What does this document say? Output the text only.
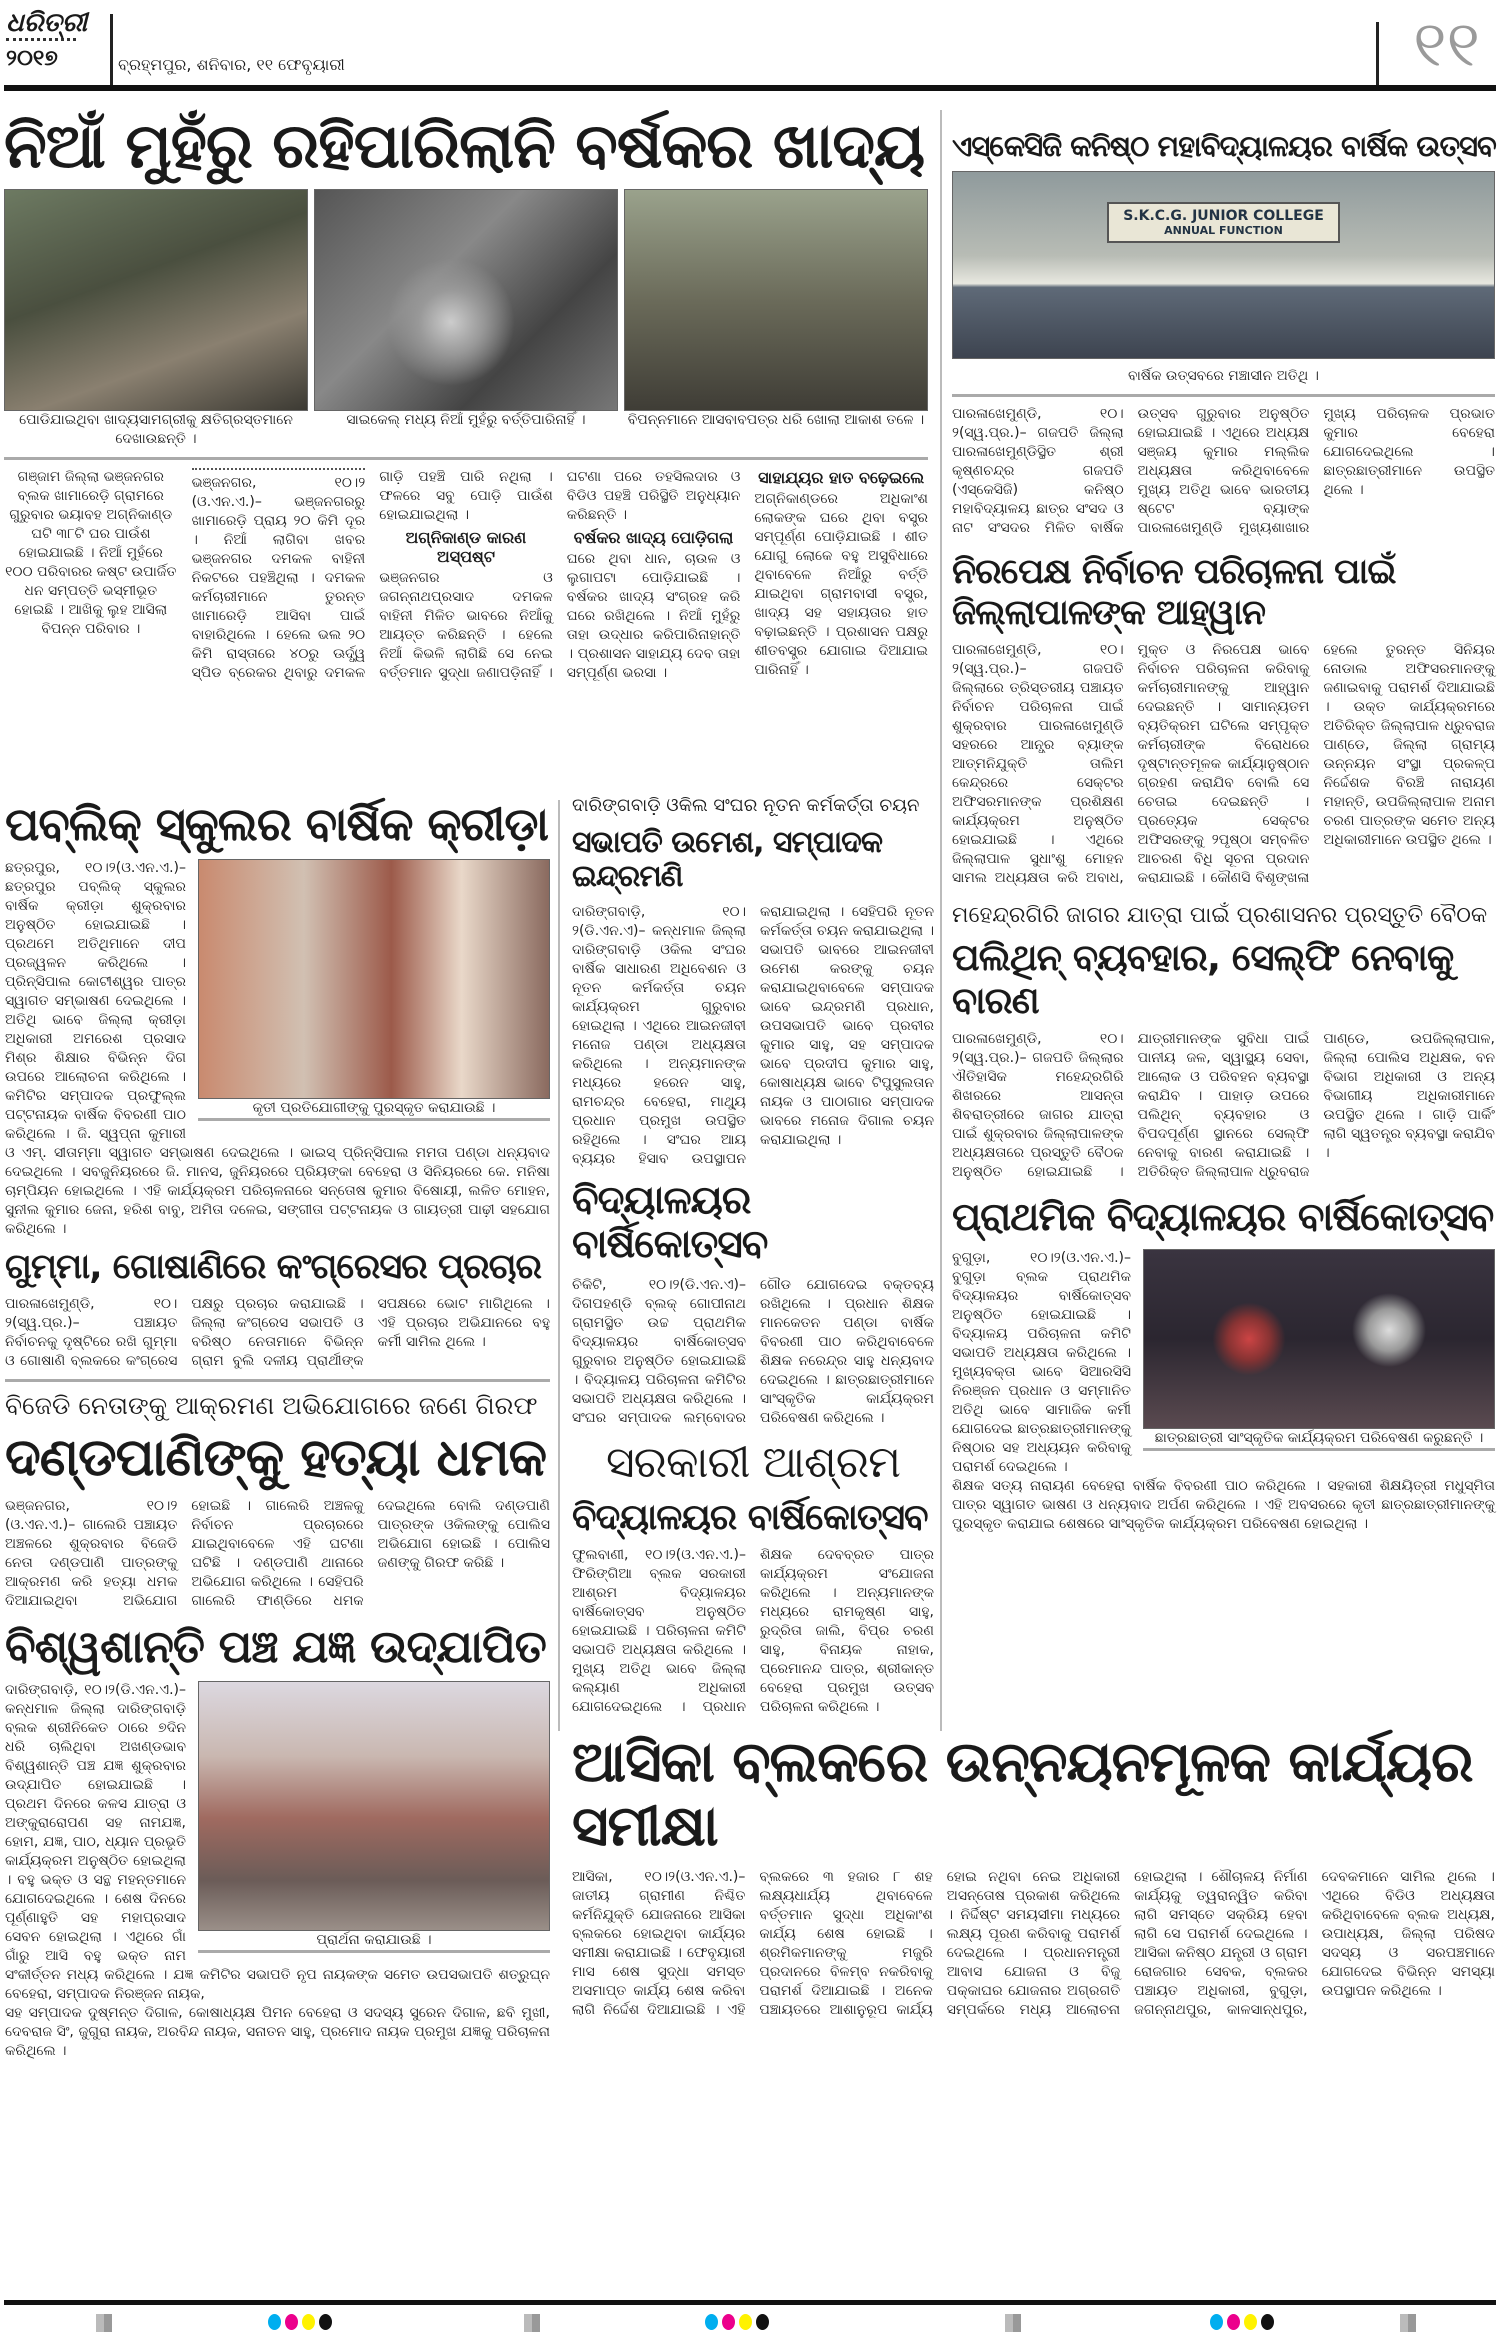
ଧରିତ୍ରୀ
୨୦୧୭	ବ୍ରହ୍ମପୁର, ଶନିବାର, ୧୧ ଫେବୃୟାରୀ	୧୧
ନିଆଁ ମୁହଁରୁ ରହିପାରିଲାନି ବର୍ଷକର ଖାଦ୍ୟ
ପୋଡିଯାଇଥିବା ଖାଦ୍ୟସାମଗ୍ରୀକୁ କ୍ଷତିଗ୍ରସ୍ତମାନେ ଦେଖାଉଛନ୍ତି ।
ସାଇକେଲ୍ ମଧ୍ୟ ନିଆଁ ମୁହଁରୁ ବର୍ତ୍ତିପାରିନାହିଁ ।	ବିପନ୍ନମାନେ ଆସବାବପତ୍ର ଧରି ଖୋଲା ଆକାଶ ତଳେ ।

ଗଞ୍ଜାମ ଜିଲ୍ଲା ଭଞ୍ଜନଗର ବ୍ଲକ ଖାମାରେଡ଼ି ଗ୍ରାମରେ ଗୁରୁବାର ଭୟାବହ ଅଗ୍ନିକାଣ୍ଡ ଘଟି ୩୮ଟି ଘର ପାଉଁଶ ହୋଇଯାଇଛି । ନିଆଁ ମୁହଁରେ ୧୦୦ ପରିବାରର କଷ୍ଟ ଉପାର୍ଜିତ ଧନ ସମ୍ପତ୍ତି ଭସ୍ମୀଭୂତ ହୋଇଛି । ଆଖିକୁ ଲୁହ ଆସିଲା ବିପନ୍ନ ପରିବାର ।

ଭଞ୍ଜନଗର, ୧୦।୨ (ଓ.ଏନ.ଏ.)– ଭଞ୍ଜନଗରରୁ ଖାମାରେଡ଼ି ପ୍ରାୟ ୨୦ କିମି ଦୂର । ନିଆଁ ଲାଗିବା ଖବର ଭଞ୍ଜନଗର ଦମକଳ ବାହିନୀ ନିକଟରେ ପହଞ୍ଚିଥିଲା । ଦମକଳ କର୍ମଚାରୀମାନେ ତୁରନ୍ତ ଖାମାରେଡ଼ି ଆସିବା ପାଇଁ ବାହାରିଥିଲେ । ହେଲେ ଭଲ ୨୦ କିମି ରାସ୍ତାରେ ୪୦ରୁ ଊର୍ଦ୍ଧ୍ୱ ସ୍ପିଡ ବ୍ରେକର ଥିବାରୁ ଦମକଳ ଗାଡ଼ି ପହଞ୍ଚି ପାରି ନଥିଲା । ଫଳରେ ସବୁ ପୋଡ଼ି ପାଉଁଶ ହୋଇଯାଇଥିଲା ।

ଅଗ୍ନିକାଣ୍ଡ କାରଣ ଅସ୍ପଷ୍ଟ

ଭଞ୍ଜନଗର ଓ ଜଗନ୍ନାଥପ୍ରସାଦ ଦମକଳ ବାହିନୀ ମିଳିତ ଭାବରେ ନିଆଁକୁ ଆୟତ୍ତ କରିଛନ୍ତି । ହେଲେ ନିଆଁ କିଭଳି ଲାଗିଛି ସେ ନେଇ ବର୍ତ୍ତମାନ ସୁଦ୍ଧା ଜଣାପଡ଼ିନାହିଁ । ଘଟଣା ପରେ ତହସିଲଦାର ଓ ବିଡିଓ ପହଞ୍ଚି ପରିସ୍ଥିତି ଅନୁଧ୍ୟାନ କରିଛନ୍ତି ।

ବର୍ଷକର ଖାଦ୍ୟ ପୋଡ଼ିଗଲା

ଘରେ ଥିବା ଧାନ, ଚାଉଳ ଓ ଲୁଗାପଟା ପୋଡ଼ିଯାଇଛି । ବର୍ଷକର ଖାଦ୍ୟ ସଂଗ୍ରହ କରି ଘରେ ରଖିଥିଲେ । ନିଆଁ ମୁହଁରୁ ତାହା ଉଦ୍ଧାର କରିପାରିନାହାନ୍ତି । ପ୍ରଶାସନ ସାହାଯ୍ୟ ଦେବ ତାହା ସମ୍ପୂର୍ଣ୍ଣ ଭରସା ।

ସାହାଯ୍ୟର ହାତ ବଢ଼େଇଲେ

ଅଗ୍ନିକାଣ୍ଡରେ ଅଧିକାଂଶ ଲୋକଙ୍କ ଘରେ ଥିବା ବସ୍ତ୍ର ସମ୍ପୂର୍ଣ୍ଣ ପୋଡ଼ିଯାଇଛି । ଶୀତ ଯୋଗୁ ଲୋକେ ବହୁ ଅସୁବିଧାରେ ଥିବାବେଳେ ନିଆଁରୁ ବର୍ତ୍ତି ଯାଇଥିବା ଗ୍ରାମବାସୀ ବସ୍ତ୍ର, ଖାଦ୍ୟ ସହ ସହାୟତାର ହାତ ବଢ଼ାଇଛନ୍ତି । ପ୍ରଶାସନ ପକ୍ଷରୁ ଶୀତବସ୍ତ୍ର ଯୋଗାଇ ଦିଆଯାଇ ପାରିନାହିଁ ।

ଏସ୍‌କେସିଜି କନିଷ୍ଠ ମହାବିଦ୍ୟାଳୟର ବାର୍ଷିକ ଉତ୍ସବ
S.K.C.G. JUNIOR COLLEGE
ANNUAL FUNCTION
ବାର୍ଷିକ ଉତ୍ସବରେ ମଞ୍ଚାସୀନ ଅତିଥି ।

ପାରଳାଖେମୁଣ୍ଡି, ୧୦।୨(ସ୍ୱ.ପ୍ର.)– ଗଜପତି ଜିଲ୍ଲା ପାରଳାଖେମୁଣ୍ଡିସ୍ଥିତ ଶ୍ରୀ କୃଷ୍ଣଚନ୍ଦ୍ର ଗଜପତି (ଏସ୍‌କେସିଜି) କନିଷ୍ଠ ମହାବିଦ୍ୟାଳୟ ଛାତ୍ର ସଂସଦ ଓ ନାଟ ସଂସଦର ମିଳିତ ବାର୍ଷିକ ଉତ୍ସବ ଗୁରୁବାର ଅନୁଷ୍ଠିତ ହୋଇଯାଇଛି । ଏଥିରେ ଅଧ୍ୟକ୍ଷ ସଞ୍ଜୟ କୁମାର ମଲ୍ଲିକ ଅଧ୍ୟକ୍ଷତା କରିଥିବାବେଳେ ମୁଖ୍ୟ ଅତିଥି ଭାବେ ଭାରତୀୟ ଷ୍ଟେଟ ବ୍ୟାଙ୍କ ପାରଳାଖେମୁଣ୍ଡି ମୁଖ୍ୟଶାଖାର ମୁଖ୍ୟ ପରିଚାଳକ ପ୍ରଭାତ କୁମାର ବେହେରା ଯୋଗଦେଇଥିଲେ । ଛାତ୍ରଛାତ୍ରୀମାନେ ଉପସ୍ଥିତ ଥିଲେ ।

ନିରପେକ୍ଷ ନିର୍ବାଚନ ପରିଚାଳନା ପାଇଁ ଜିଲ୍ଲାପାଳଙ୍କ ଆହ୍ୱାନ

ପାରଳାଖେମୁଣ୍ଡି, ୧୦।୨(ସ୍ୱ.ପ୍ର.)– ଗଜପତି ଜିଲ୍ଲାରେ ତ୍ରିସ୍ତରୀୟ ପଞ୍ଚାୟତ ନିର୍ବାଚନ ପରିଚାଳନା ପାଇଁ ଶୁକ୍ରବାର ପାରଳାଖେମୁଣ୍ଡି ସହରରେ ଆନ୍ଧ୍ର ବ୍ୟାଙ୍କ ଆତ୍ମନିଯୁକ୍ତି ତାଲିମ କେନ୍ଦ୍ରରେ ସେକ୍ଟର ଅଫିସରମାନଙ୍କ ପ୍ରଶିକ୍ଷଣ କାର୍ଯ୍ୟକ୍ରମ ଅନୁଷ୍ଠିତ ହୋଇଯାଇଛି । ଏଥିରେ ଜିଲ୍ଲାପାଳ ସୁଧାଂଶୁ ମୋହନ ସାମଲ ଅଧ୍ୟକ୍ଷତା କରି ଅବାଧ, ମୁକ୍ତ ଓ ନିରପେକ୍ଷ ଭାବେ ନିର୍ବାଚନ ପରିଚାଳନା କରିବାକୁ କର୍ମଚାରୀମାନଙ୍କୁ ଆହ୍ୱାନ ଦେଇଛନ୍ତି । ସାମାନ୍ୟତମ ବ୍ୟତିକ୍ରମ ଘଟିଲେ ସମ୍ପୃକ୍ତ କର୍ମଚାରୀଙ୍କ ବିରୋଧରେ ଦୃଷ୍ଟାନ୍ତମୂଳକ କାର୍ଯ୍ୟାନୁଷ୍ଠାନ ଗ୍ରହଣ କରାଯିବ ବୋଲି ସେ ଚେତାଇ ଦେଇଛନ୍ତି । ପ୍ରତ୍ୟେକ ସେକ୍ଟର ଅଫିସରଙ୍କୁ ୨ପୃଷ୍ଠା ସମ୍ବଳିତ ଆଚରଣ ବିଧି ସୂଚନା ପ୍ରଦାନ କରାଯାଇଛି । କୌଣସି ବିଶୃଙ୍ଖଳା ହେଲେ ତୁରନ୍ତ ସିନିୟର ନୋଡାଲ ଅଫିସରମାନଙ୍କୁ ଜଣାଇବାକୁ ପରାମର୍ଶ ଦିଆଯାଇଛି । ଉକ୍ତ କାର୍ଯ୍ୟକ୍ରମରେ ଅତିରିକ୍ତ ଜିଲ୍ଲାପାଳ ଧ୍ରୁବରାଜ ପାଣ୍ଡେ, ଜିଲ୍ଲା ଗ୍ରାମ୍ୟ ଉନ୍ନୟନ ସଂସ୍ଥା ପ୍ରକଳ୍ପ ନିର୍ଦ୍ଦେଶକ ବିରଞ୍ଚି ନାରାୟଣ ମହାନ୍ତି, ଉପଜିଲ୍ଲାପାଳ ଅନାମ ଚରଣ ପାତ୍ରଙ୍କ ସମେତ ଅନ୍ୟ ଅଧିକାରୀମାନେ ଉପସ୍ଥିତ ଥିଲେ ।

ମହେନ୍ଦ୍ରଗିରି ଜାଗର ଯାତ୍ରା ପାଇଁ ପ୍ରଶାସନର ପ୍ରସ୍ତୁତି ବୈଠକ
ପଲିଥିନ୍ ବ୍ୟବହାର, ସେଲ୍‌ଫି ନେବାକୁ ବାରଣ

ପାରଳାଖେମୁଣ୍ଡି, ୧୦।୨(ସ୍ୱ.ପ୍ର.)– ଗଜପତି ଜିଲ୍ଲାର ଐତିହାସିକ ମହେନ୍ଦ୍ରଗିରି ଶିଖରରେ ଆସନ୍ତା ଶିବରାତ୍ରୀରେ ଜାଗର ଯାତ୍ରା ପାଇଁ ଶୁକ୍ରବାର ଜିଲ୍ଲାପାଳଙ୍କ ଅଧ୍ୟକ୍ଷତାରେ ପ୍ରସ୍ତୁତି ବୈଠକ ଅନୁଷ୍ଠିତ ହୋଇଯାଇଛି । ଯାତ୍ରୀମାନଙ୍କ ସୁବିଧା ପାଇଁ ପାନୀୟ ଜଳ, ସ୍ୱାସ୍ଥ୍ୟ ସେବା, ଆଲୋକ ଓ ପରିବହନ ବ୍ୟବସ୍ଥା କରାଯିବ । ପାହାଡ଼ ଉପରେ ପଲିଥିନ୍ ବ୍ୟବହାର ଓ ବିପଦପୂର୍ଣ୍ଣ ସ୍ଥାନରେ ସେଲ୍‌ଫି ନେବାକୁ ବାରଣ କରାଯାଇଛି । ଅତିରିକ୍ତ ଜିଲ୍ଲାପାଳ ଧ୍ରୁବରାଜ ପାଣ୍ଡେ, ଉପଜିଲ୍ଲାପାଳ, ଜିଲ୍ଲା ପୋଲିସ ଅଧିକ୍ଷକ, ବନ ବିଭାଗ ଅଧିକାରୀ ଓ ଅନ୍ୟ ବିଭାଗୀୟ ଅଧିକାରୀମାନେ ଉପସ୍ଥିତ ଥିଲେ । ଗାଡ଼ି ପାର୍କିଂ ଲାଗି ସ୍ୱତନ୍ତ୍ର ବ୍ୟବସ୍ଥା କରାଯିବ ।

ପ୍ରାଥମିକ ବିଦ୍ୟାଳୟର ବାର୍ଷିକୋତ୍ସବ
ଛାତ୍ରଛାତ୍ରୀ ସାଂସ୍କୃତିକ କାର୍ଯ୍ୟକ୍ରମ ପରିବେଷଣ କରୁଛନ୍ତି ।

ବୁଗୁଡ଼ା, ୧୦।୨(ଓ.ଏନ.ଏ.)– ବୁଗୁଡ଼ା ବ୍ଲକ ପ୍ରାଥମିକ ବିଦ୍ୟାଳୟର ବାର୍ଷିକୋତ୍ସବ ଅନୁଷ୍ଠିତ ହୋଇଯାଇଛି । ବିଦ୍ୟାଳୟ ପରିଚାଳନା କମିଟି ସଭାପତି ଅଧ୍ୟକ୍ଷତା କରିଥିଲେ । ମୁଖ୍ୟବକ୍ତା ଭାବେ ସିଆରସିସି ନିରଞ୍ଜନ ପ୍ରଧାନ ଓ ସମ୍ମାନିତ ଅତିଥି ଭାବେ ସାମାଜିକ କର୍ମୀ ଯୋଗଦେଇ ଛାତ୍ରଛାତ୍ରୀମାନଙ୍କୁ ନିଷ୍ଠାର ସହ ଅଧ୍ୟୟନ କରିବାକୁ ପରାମର୍ଶ ଦେଇଥିଲେ ।

ଶିକ୍ଷକ ସତ୍ୟ ନାରାୟଣ ବେହେରା ବାର୍ଷିକ ବିବରଣୀ ପାଠ କରିଥିଲେ । ସହକାରୀ ଶିକ୍ଷୟିତ୍ରୀ ମଧୁସ୍ମିତା ପାତ୍ର ସ୍ୱାଗତ ଭାଷଣ ଓ ଧନ୍ୟବାଦ ଅର୍ପଣ କରିଥିଲେ । ଏହି ଅବସରରେ କୃତୀ ଛାତ୍ରଛାତ୍ରୀମାନଙ୍କୁ ପୁରସ୍କୃତ କରାଯାଇ ଶେଷରେ ସାଂସ୍କୃତିକ କାର୍ଯ୍ୟକ୍ରମ ପରିବେଷଣ ହୋଇଥିଲା ।

ପବ୍ଲିକ୍ ସ୍କୁଲର ବାର୍ଷିକ କ୍ରୀଡ଼ା
କୃତୀ ପ୍ରତିଯୋଗୀଙ୍କୁ ପୁରସ୍କୃତ କରାଯାଉଛି ।

ଛତ୍ରପୁର, ୧୦।୨(ଓ.ଏନ.ଏ.)– ଛତ୍ରପୁର ପବ୍ଲିକ୍ ସ୍କୁଲର ବାର୍ଷିକ କ୍ରୀଡ଼ା ଶୁକ୍ରବାର ଅନୁଷ୍ଠିତ ହୋଇଯାଇଛି । ପ୍ରଥମେ ଅତିଥିମାନେ ଦୀପ ପ୍ରଜ୍ୱଳନ କରିଥିଲେ । ପ୍ରିନ୍ସିପାଲ କୋଟୀଶ୍ୱର ପାତ୍ର ସ୍ୱାଗତ ସମ୍ଭାଷଣ ଦେଇଥିଲେ । ଅତିଥି ଭାବେ ଜିଲ୍ଲା କ୍ରୀଡ଼ା ଅଧିକାରୀ ଅମରେଶ ପ୍ରସାଦ ମିଶ୍ର ଶିକ୍ଷାର ବିଭିନ୍ନ ଦିଗ ଉପରେ ଆଲୋଚନା କରିଥିଲେ । କମିଟିର ସମ୍ପାଦକ ପ୍ରଫୁଲ୍ଲ ପଟ୍ଟନାୟକ ବାର୍ଷିକ ବିବରଣୀ ପାଠ କରିଥିଲେ । ଜି. ସ୍ୱପ୍ନା କୁମାରୀ ଓ ଏମ୍. ସୀତାମ୍ମା ସ୍ୱାଗତ ସମ୍ଭାଷଣ ଦେଇଥିଲେ । ଭାଇସ୍ ପ୍ରିନ୍ସିପାଲ ମମତା ପଣ୍ଡା ଧନ୍ୟବାଦ ଦେଇଥିଲେ । ସବଜୁନିୟରରେ ଜି. ମାନସ, ଜୁନିୟରରେ ପ୍ରିୟଙ୍କା ବେହେରା ଓ ସିନିୟରରେ କେ. ମନିଷା ଚାମ୍ପିୟନ ହୋଇଥିଲେ । ଏହି କାର୍ଯ୍ୟକ୍ରମ ପରିଚାଳନାରେ ସନ୍ତୋଷ କୁମାର ବିଷୋୟୀ, ଲଳିତ ମୋହନ, ସୁନୀଲ କୁମାର ଜେନା, ହରିଶ ବାବୁ, ଅମିତା ଦଳେଇ, ସଙ୍ଗୀତା ପଟ୍ଟନାୟକ ଓ ଗାୟତ୍ରୀ ପାଢ଼ୀ ସହଯୋଗ କରିଥିଲେ ।

ଗୁମ୍ମା, ଗୋଷାଣିରେ କଂଗ୍ରେସର ପ୍ରଚାର

ପାରଳାଖେମୁଣ୍ଡି, ୧୦।୨(ସ୍ୱ.ପ୍ର.)– ପଞ୍ଚାୟତ ନିର୍ବାଚନକୁ ଦୃଷ୍ଟିରେ ରଖି ଗୁମ୍ମା ଓ ଗୋଷାଣି ବ୍ଲକରେ କଂଗ୍ରେସ ପକ୍ଷରୁ ପ୍ରଚାର କରାଯାଇଛି । ଜିଲ୍ଲା କଂଗ୍ରେସ ସଭାପତି ଓ ବରିଷ୍ଠ ନେତାମାନେ ବିଭିନ୍ନ ଗ୍ରାମ ବୁଲି ଦଳୀୟ ପ୍ରାର୍ଥୀଙ୍କ ସପକ୍ଷରେ ଭୋଟ ମାଗିଥିଲେ । ଏହି ପ୍ରଚାର ଅଭିଯାନରେ ବହୁ କର୍ମୀ ସାମିଲ ଥିଲେ ।

ବିଜେଡି ନେତାଙ୍କୁ ଆକ୍ରମଣ ଅଭିଯୋଗରେ ଜଣେ ଗିରଫ
ଦଣ୍ଡପାଣିଙ୍କୁ ହତ୍ୟା ଧମକ

ଭଞ୍ଜନଗର, ୧୦।୨ (ଓ.ଏନ.ଏ.)– ଗାଲେରି ପଞ୍ଚାୟତ ଅଞ୍ଚଳରେ ଶୁକ୍ରବାର ବିଜେଡି ନେତା ଦଣ୍ଡପାଣି ପାତ୍ରଙ୍କୁ ଆକ୍ରମଣ କରି ହତ୍ୟା ଧମକ ଦିଆଯାଇଥିବା ଅଭିଯୋଗ ହୋଇଛି । ଗାଲେରି ଅଞ୍ଚଳକୁ ନିର୍ବାଚନ ପ୍ରଚାରରେ ଯାଇଥିବାବେଳେ ଏହି ଘଟଣା ଘଟିଛି । ଦଣ୍ଡପାଣି ଥାନାରେ ଅଭିଯୋଗ କରିଥିଲେ । ସେହିପରି ଗାଲେରି ଫାଣ୍ଡିରେ ଧମକ ଦେଇଥିଲେ ବୋଲି ଦଣ୍ଡପାଣି ପାତ୍ରଙ୍କ ଓକିଲଙ୍କୁ ପୋଲିସ ଅଭିଯୋଗ ହୋଇଛି । ପୋଲିସ ଜଣଙ୍କୁ ଗିରଫ କରିଛି ।

ବିଶ୍ୱଶାନ୍ତି ପଞ୍ଚ ଯଜ୍ଞ ଉଦ୍‌ଯାପିତ
ପ୍ରାର୍ଥନା କରାଯାଉଛି ।

ଦାରିଙ୍ଗବାଡ଼ି, ୧୦।୨(ଡି.ଏନ.ଏ.)– କନ୍ଧମାଳ ଜିଲ୍ଲା ଦାରିଙ୍ଗବାଡ଼ି ବ୍ଲକ ଶ୍ରୀନିକେତ ଠାରେ ୭ଦିନ ଧରି ଚାଲିଥିବା ଅଖଣ୍ଡଭାବ ବିଶ୍ୱଶାନ୍ତି ପଞ୍ଚ ଯଜ୍ଞ ଶୁକ୍ରବାର ଉଦ୍‌ଯାପିତ ହୋଇଯାଇଛି । ପ୍ରଥମ ଦିନରେ କଳସ ଯାତ୍ରା ଓ ଅଙ୍କୁରାରୋପଣ ସହ ନାମଯଜ୍ଞ, ହୋମ, ଯଜ୍ଞ, ପାଠ, ଧ୍ୟାନ ପ୍ରଭୃତି କାର୍ଯ୍ୟକ୍ରମ ଅନୁଷ୍ଠିତ ହୋଇଥିଲା । ବହୁ ଭକ୍ତ ଓ ସନ୍ଥ ମହନ୍ତମାନେ ଯୋଗଦେଇଥିଲେ । ଶେଷ ଦିନରେ ପୂର୍ଣ୍ଣାହୁତି ସହ ମହାପ୍ରସାଦ ସେବନ ହୋଇଥିଲା । ଏଥିରେ ଗାଁ ଗାଁରୁ ଆସି ବହୁ ଭକ୍ତ ନାମ ସଂକୀର୍ତ୍ତନ ମଧ୍ୟ କରିଥିଲେ । ଯଜ୍ଞ କମିଟିର ସଭାପତି ନୃପ ନାୟକଙ୍କ ସମେତ ଉପସଭାପତି ଶତ୍ରୁଘ୍ନ ବେହେରା, ସମ୍ପାଦକ ନିରଞ୍ଜନ ନାୟକ,

ସହ ସମ୍ପାଦକ ଦୁଷ୍ମନ୍ତ ଦିଗାଳ, କୋଷାଧ୍ୟକ୍ଷ ପିମନ ବେହେରା ଓ ସଦସ୍ୟ ସୁରେନ ଦିଗାଳ, ଛବି ମୁଖୀ, ଦେବରାଜ ସିଂ, ଜୁଗୁରା ନାୟକ, ଅରବିନ୍ଦ ନାୟକ, ସନାତନ ସାହୁ, ପ୍ରମୋଦ ନାୟକ ପ୍ରମୁଖ ଯଜ୍ଞକୁ ପରିଚାଳନା କରିଥିଲେ ।

ଦାରିଙ୍ଗବାଡ଼ି ଓକିଲ ସଂଘର ନୂତନ କର୍ମକର୍ତ୍ତା ଚୟନ
ସଭାପତି ଉମେଶ, ସମ୍ପାଦକ ଇନ୍ଦ୍ରମଣି

ଦାରିଙ୍ଗବାଡ଼ି, ୧୦।୨(ଡି.ଏନ.ଏ)– କନ୍ଧମାଳ ଜିଲ୍ଲା ଦାରିଙ୍ଗବାଡ଼ି ଓକିଲ ସଂଘର ବାର୍ଷିକ ସାଧାରଣ ଅଧିବେଶନ ଓ ନୂତନ କର୍ମକର୍ତ୍ତା ଚୟନ କାର୍ଯ୍ୟକ୍ରମ ଗୁରୁବାର ହୋଇଥିଲା । ଏଥିରେ ଆଇନଜୀବୀ ମନୋଜ ପଣ୍ଡା ଅଧ୍ୟକ୍ଷତା କରିଥିଲେ । ଅନ୍ୟମାନଙ୍କ ମଧ୍ୟରେ ହରେନ ସାହୁ, ରାମଚନ୍ଦ୍ର ବେହେରା, ମାଥ୍ୟୁ ପ୍ରଧାନ ପ୍ରମୁଖ ଉପସ୍ଥିତ ରହିଥିଲେ । ସଂଘର ଆୟ ବ୍ୟୟର ହିସାବ ଉପସ୍ଥାପନ କରାଯାଇଥିଲା । ସେହିପରି ନୂତନ କର୍ମକର୍ତ୍ତା ଚୟନ କରାଯାଇଥିଲା । ସଭାପତି ଭାବରେ ଆଇନଜୀବୀ ଉମେଶ କରଙ୍କୁ ଚୟନ କରାଯାଇଥିବାବେଳେ ସମ୍ପାଦକ ଭାବେ ଇନ୍ଦ୍ରମଣି ପ୍ରଧାନ, ଉପସଭାପତି ଭାବେ ପ୍ରବୀର କୁମାର ସାହୁ, ସହ ସମ୍ପାଦକ ଭାବେ ପ୍ରଦୀପ କୁମାର ସାହୁ, କୋଷାଧ୍ୟକ୍ଷ ଭାବେ ଟିପୁସୁଲତାନ ନାୟକ ଓ ପାଠାଗାର ସମ୍ପାଦକ ଭାବରେ ମନୋଜ ଦିଗାଲ ଚୟନ କରାଯାଇଥିଲା ।

ବିଦ୍ୟାଳୟର ବାର୍ଷିକୋତ୍ସବ

ଚିକିଟି, ୧୦।୨(ଡି.ଏନ.ଏ)–ଦିଗପହଣ୍ଡି ବ୍ଲକ୍ ଗୋପୀନାଥ ଗ୍ରାମସ୍ଥିତ ଉଚ୍ଚ ପ୍ରାଥମିକ ବିଦ୍ୟାଳୟର ବାର୍ଷିକୋତ୍ସବ ଗୁରୁବାର ଅନୁଷ୍ଠିତ ହୋଇଯାଇଛି । ବିଦ୍ୟାଳୟ ପରିଚାଳନା କମିଟିର ସଭାପତି ଅଧ୍ୟକ୍ଷତା କରିଥିଲେ । ସଂଘର ସମ୍ପାଦକ ଲମ୍ବୋଦର ଗୌଡ ଯୋଗଦେଇ ବକ୍ତବ୍ୟ ରଖିଥିଲେ । ପ୍ରଧାନ ଶିକ୍ଷକ ମାନକେତନ ପଣ୍ଡା ବାର୍ଷିକ ବିବରଣୀ ପାଠ କରିଥିବାବେଳେ ଶିକ୍ଷକ ନରେନ୍ଦ୍ର ସାହୁ ଧନ୍ୟବାଦ ଦେଇଥିଲେ । ଛାତ୍ରଛାତ୍ରୀମାନେ ସାଂସ୍କୃତିକ କାର୍ଯ୍ୟକ୍ରମ ପରିବେଷଣ କରିଥିଲେ ।

ସରକାରୀ ଆଶ୍ରମ
ବିଦ୍ୟାଳୟର ବାର୍ଷିକୋତ୍ସବ

ଫୁଲବାଣୀ, ୧୦।୨(ଓ.ଏନ.ଏ.)– ଫିରିଙ୍ଗିଆ ବ୍ଲକ ସରକାରୀ ଆଶ୍ରମ ବିଦ୍ୟାଳୟର ବାର୍ଷିକୋତ୍ସବ ଅନୁଷ୍ଠିତ ହୋଇଯାଇଛି । ପରିଚାଳନା କମିଟି ସଭାପତି ଅଧ୍ୟକ୍ଷତା କରିଥିଲେ । ମୁଖ୍ୟ ଅତିଥି ଭାବେ ଜିଲ୍ଲା କଲ୍ୟାଣ ଅଧିକାରୀ ଯୋଗଦେଇଥିଲେ । ପ୍ରଧାନ ଶିକ୍ଷକ ଦେବବ୍ରତ ପାତ୍ର କାର୍ଯ୍ୟକ୍ରମ ସଂଯୋଜନା କରିଥିଲେ । ଅନ୍ୟମାନଙ୍କ ମଧ୍ୟରେ ରାମକୃଷ୍ଣ ସାହୁ, ରୁଦ୍ରିତା ଜାଲି, ବିପ୍ର ଚରଣ ସାହୁ, ବିନାୟକ ନାହାକ, ପ୍ରେମାନନ୍ଦ ପାତ୍ର, ଶ୍ରୀକାନ୍ତ ବେହେରା ପ୍ରମୁଖ ଉତ୍ସବ ପରିଚାଳନା କରିଥିଲେ ।

ଆସିକା ବ୍ଲକରେ ଉନ୍ନୟନମୂଳକ କାର୍ଯ୍ୟର ସମୀକ୍ଷା

ଆସିକା, ୧୦।୨(ଓ.ଏନ.ଏ.)– ଜାତୀୟ ଗ୍ରାମୀଣ ନିଶ୍ଚିତ କର୍ମନିଯୁକ୍ତି ଯୋଜନାରେ ଆସିକା ବ୍ଲକରେ ହୋଇଥିବା କାର୍ଯ୍ୟର ସମୀକ୍ଷା କରାଯାଇଛି । ଫେବୃୟାରୀ ମାସ ଶେଷ ସୁଦ୍ଧା ସମସ୍ତ ଅସମାପ୍ତ କାର୍ଯ୍ୟ ଶେଷ କରିବା ଲାଗି ନିର୍ଦ୍ଦେଶ ଦିଆଯାଇଛି । ଏହି ବ୍ଲକରେ ୩ ହଜାର ୮ ଶହ ଲକ୍ଷ୍ୟଧାର୍ଯ୍ୟ ଥିବାବେଳେ ବର୍ତ୍ତମାନ ସୁଦ୍ଧା ଅଧିକାଂଶ କାର୍ଯ୍ୟ ଶେଷ ହୋଇଛି । ଶ୍ରମିକମାନଙ୍କୁ ମଜୁରି ପ୍ରଦାନରେ ବିଳମ୍ବ ନକରିବାକୁ ପରାମର୍ଶ ଦିଆଯାଇଛି । ଅନେକ ପଞ୍ଚାୟତରେ ଆଶାନୁରୂପ କାର୍ଯ୍ୟ ହୋଇ ନଥିବା ନେଇ ଅଧିକାରୀ ଅସନ୍ତୋଷ ପ୍ରକାଶ କରିଥିଲେ । ନିର୍ଦ୍ଦିଷ୍ଟ ସମୟସୀମା ମଧ୍ୟରେ ଲକ୍ଷ୍ୟ ପୂରଣ କରିବାକୁ ପରାମର୍ଶ ଦେଇଥିଲେ । ପ୍ରଧାନମନ୍ତ୍ରୀ ଆବାସ ଯୋଜନା ଓ ବିଜୁ ପକ୍କାଘର ଯୋଜନାର ଅଗ୍ରଗତି ସମ୍ପର୍କରେ ମଧ୍ୟ ଆଲୋଚନା ହୋଇଥିଲା । ଶୌଚାଳୟ ନିର୍ମାଣ କାର୍ଯ୍ୟକୁ ତ୍ୱରାନ୍ୱିତ କରିବା ଲାଗି ସମସ୍ତେ ସକ୍ରିୟ ହେବା ଲାଗି ସେ ପରାମର୍ଶ ଦେଇଥିଲେ । ଆସିକା କନିଷ୍ଠ ଯନ୍ତ୍ରୀ ଓ ଗ୍ରାମ ରୋଜଗାର ସେବକ, ବ୍ଲକର ପଞ୍ଚାୟତ ଅଧିକାରୀ, ବୁଗୁଡ଼ା, ଜଗନ୍ନାଥପୁର, କାଳସାନ୍ଧପୁର, ଦେବକମାନେ ସାମିଲ ଥିଲେ । ଏଥିରେ ବିଡିଓ ଅଧ୍ୟକ୍ଷତା କରିଥିବାବେଳେ ବ୍ଲକ ଅଧ୍ୟକ୍ଷ, ଉପାଧ୍ୟକ୍ଷ, ଜିଲ୍ଲା ପରିଷଦ ସଦସ୍ୟ ଓ ସରପଞ୍ଚମାନେ ଯୋଗଦେଇ ବିଭିନ୍ନ ସମସ୍ୟା ଉପସ୍ଥାପନ କରିଥିଲେ ।
